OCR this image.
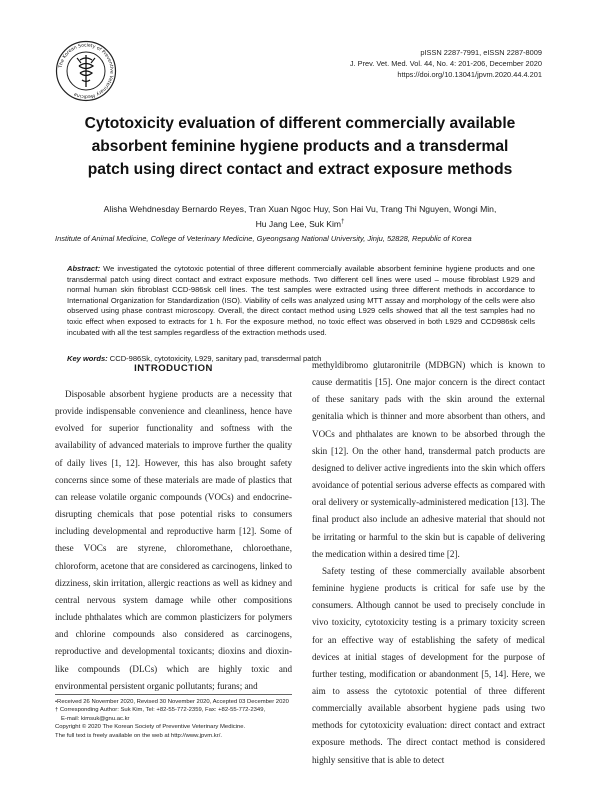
The Korean Society of Preventive Veterinary Medicine
pISSN 2287-7991, eISSN 2287-8009
J. Prev. Vet. Med. Vol. 44, No. 4: 201-206, December 2020
https://doi.org/10.13041/jpvm.2020.44.4.201
Cytotoxicity evaluation of different commercially available
absorbent feminine hygiene products and a transdermal
patch using direct contact and extract exposure methods
Alisha Wehdnesday Bernardo Reyes, Tran Xuan Ngoc Huy, Son Hai Vu, Trang Thi Nguyen, Wongi Min,
Hu Jang Lee, Suk Kim†
Institute of Animal Medicine, College of Veterinary Medicine, Gyeongsang National University, Jinju, 52828, Republic of Korea
Abstract: We investigated the cytotoxic potential of three different commercially available absorbent feminine hygiene products and one transdermal patch using direct contact and extract exposure methods. Two different cell lines were used – mouse fibroblast L929 and normal human skin fibroblast CCD-986sk cell lines. The test samples were extracted using three different methods in accordance to International Organization for Standardization (ISO). Viability of cells was analyzed using MTT assay and morphology of the cells were also observed using phase contrast microscopy. Overall, the direct contact method using L929 cells showed that all the test samples had no toxic effect when exposed to extracts for 1 h. For the exposure method, no toxic effect was observed in both L929 and CCD986sk cells incubated with all the test samples regardless of the extraction methods used.
Key words: CCD-986Sk, cytotoxicity, L929, sanitary pad, transdermal patch
INTRODUCTION

Disposable absorbent hygiene products are a necessity that provide indispensable convenience and cleanliness, hence have evolved for superior functionality and softness with the availability of advanced materials to improve further the quality of daily lives [1, 12]. However, this has also brought safety concerns since some of these materials are made of plastics that can release volatile organic compounds (VOCs) and endocrine-disrupting chemicals that pose potential risks to consumers including developmental and reproductive harm [12]. Some of these VOCs are styrene, chloromethane, chloroethane, chloroform, acetone that are considered as carcinogens, linked to dizziness, skin irritation, allergic reactions as well as kidney and central nervous system damage while other compositions include phthalates which are common plasticizers for polymers and chlorine compounds also considered as carcinogens, reproductive and developmental toxicants; dioxins and dioxin-like compounds (DLCs) which are highly toxic and environmental persistent organic pollutants; furans; and

methyldibromo glutaronitrile (MDBGN) which is known to cause dermatitis [15]. One major concern is the direct contact of these sanitary pads with the skin around the external genitalia which is thinner and more absorbent than others, and VOCs and phthalates are known to be absorbed through the skin [12]. On the other hand, transdermal patch products are designed to deliver active ingredients into the skin which offers avoidance of potential serious adverse effects as compared with oral delivery or systemically-administered medication [13]. The final product also include an adhesive material that should not be irritating or harmful to the skin but is capable of delivering the medication within a desired time [2].

Safety testing of these commercially available absorbent feminine hygiene products is critical for safe use by the consumers. Although cannot be used to precisely conclude in vivo toxicity, cytotoxicity testing is a primary toxicity screen for an effective way of establishing the safety of medical devices at initial stages of development for the purpose of further testing, modification or abandonment [5, 14]. Here, we aim to assess the cytotoxic potential of three different commercially available absorbent hygiene pads using two methods for cytotoxicity evaluation: direct contact and extract exposure methods. The direct contact method is considered highly sensitive that is able to detect

•Received 26 November 2020, Revised 30 November 2020, Accepted 03 December 2020
† Corresponding Author: Suk Kim, Tel: +82-55-772-2359, Fax: +82-55-772-2349,
E-mail: kimsuk@gnu.ac.kr
Copyright © 2020 The Korean Society of Preventive Veterinary Medicine.
The full text is freely available on the web at http://www.jpvm.kr/.
